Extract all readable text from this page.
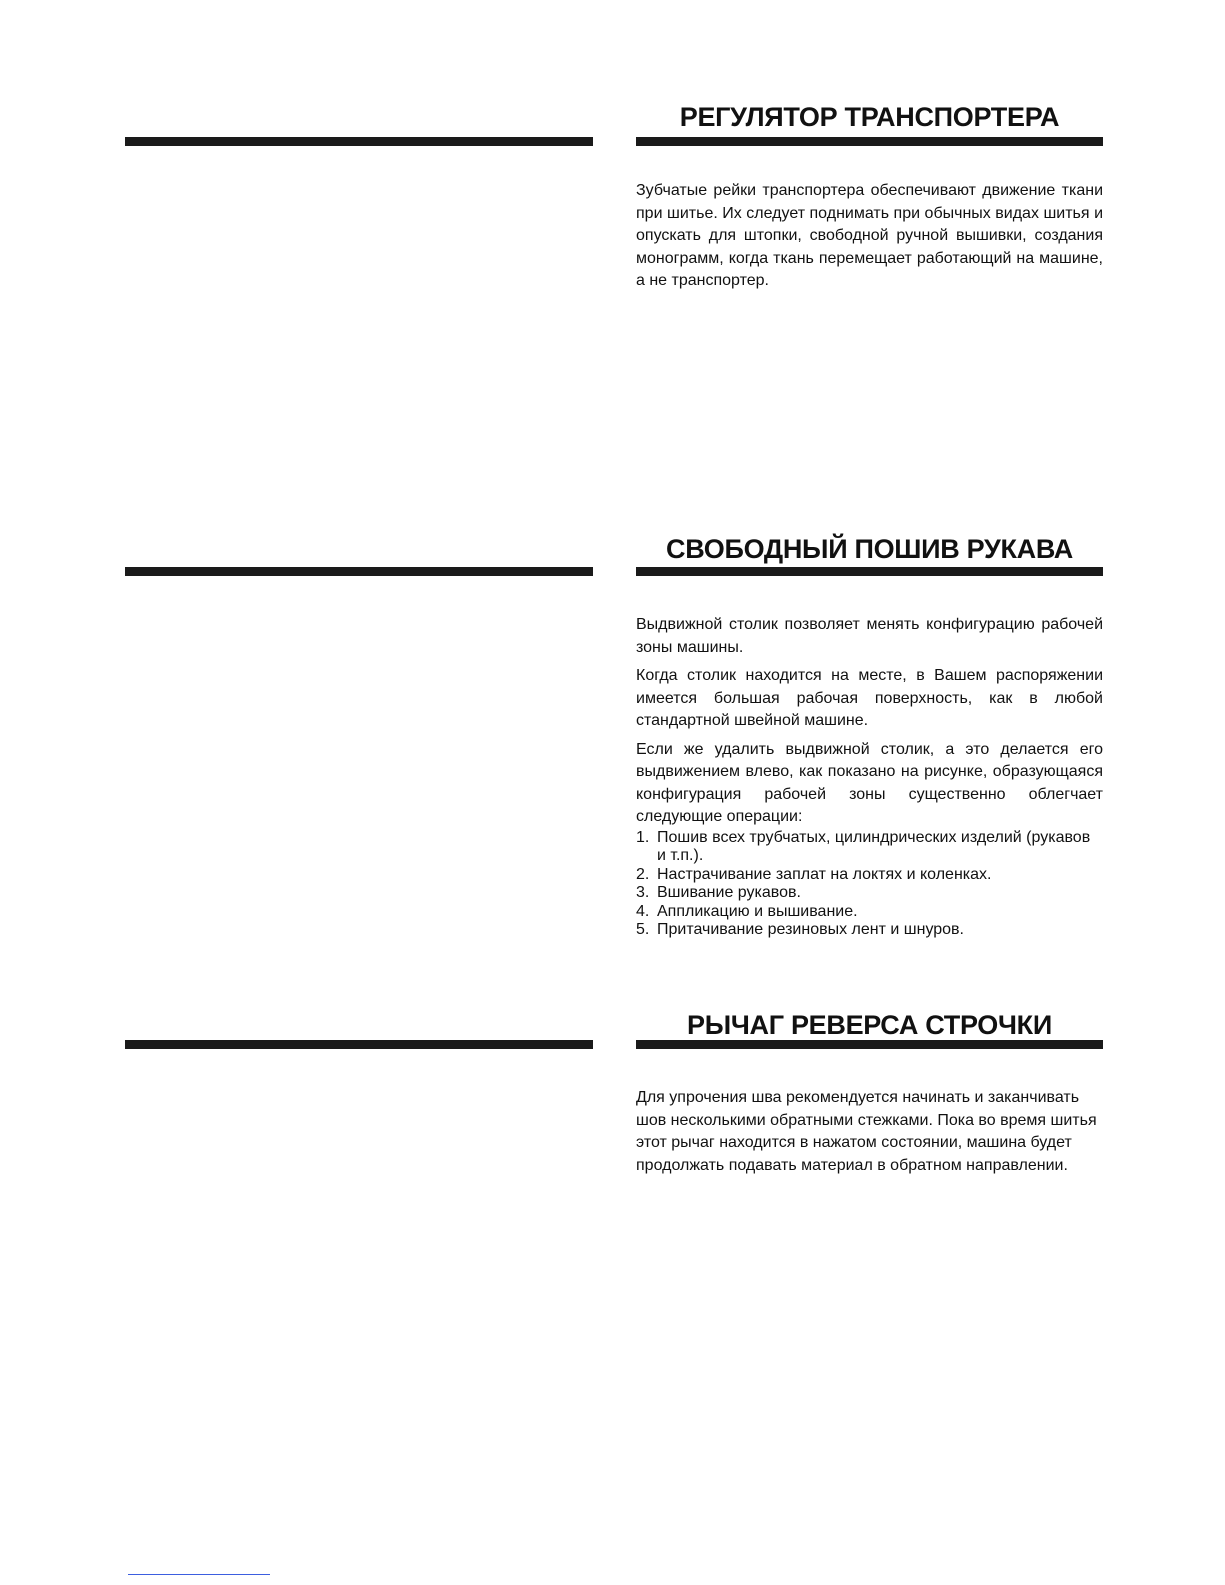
РЕГУЛЯТОР ТРАНСПОРТЕРА

Зубчатые рейки транспортера обеспечивают движение ткани при шитье. Их следует поднимать при обычных видах шитья и опускать для штопки, свободной ручной вышивки, создания монограмм, когда ткань перемещает работающий на машине, а не транспортер.

СВОБОДНЫЙ ПОШИВ РУКАВА

Выдвижной столик позволяет менять конфигурацию рабочей зоны машины.

Когда столик находится на месте, в Вашем распоряжении имеется большая рабочая поверхность, как в любой стандартной швейной машине.

Если же удалить выдвижной столик, а это делается его выдвижением влево, как показано на рисунке, образующаяся конфигурация рабочей зоны существенно облегчает следующие операции:

1. Пошив всех трубчатых, цилиндрических изделий (рукавов и т.п.).
2. Настрачивание заплат на локтях и коленках.
3. Вшивание рукавов.
4. Аппликацию и вышивание.
5. Притачивание резиновых лент и шнуров.
РЫЧАГ РЕВЕРСА СТРОЧКИ

Для упрочения шва рекомендуется начинать и заканчивать шов несколькими обратными стежками. Пока во время шитья этот рычаг находится в нажатом состоянии, машина будет продолжать подавать материал в обратном направлении.
